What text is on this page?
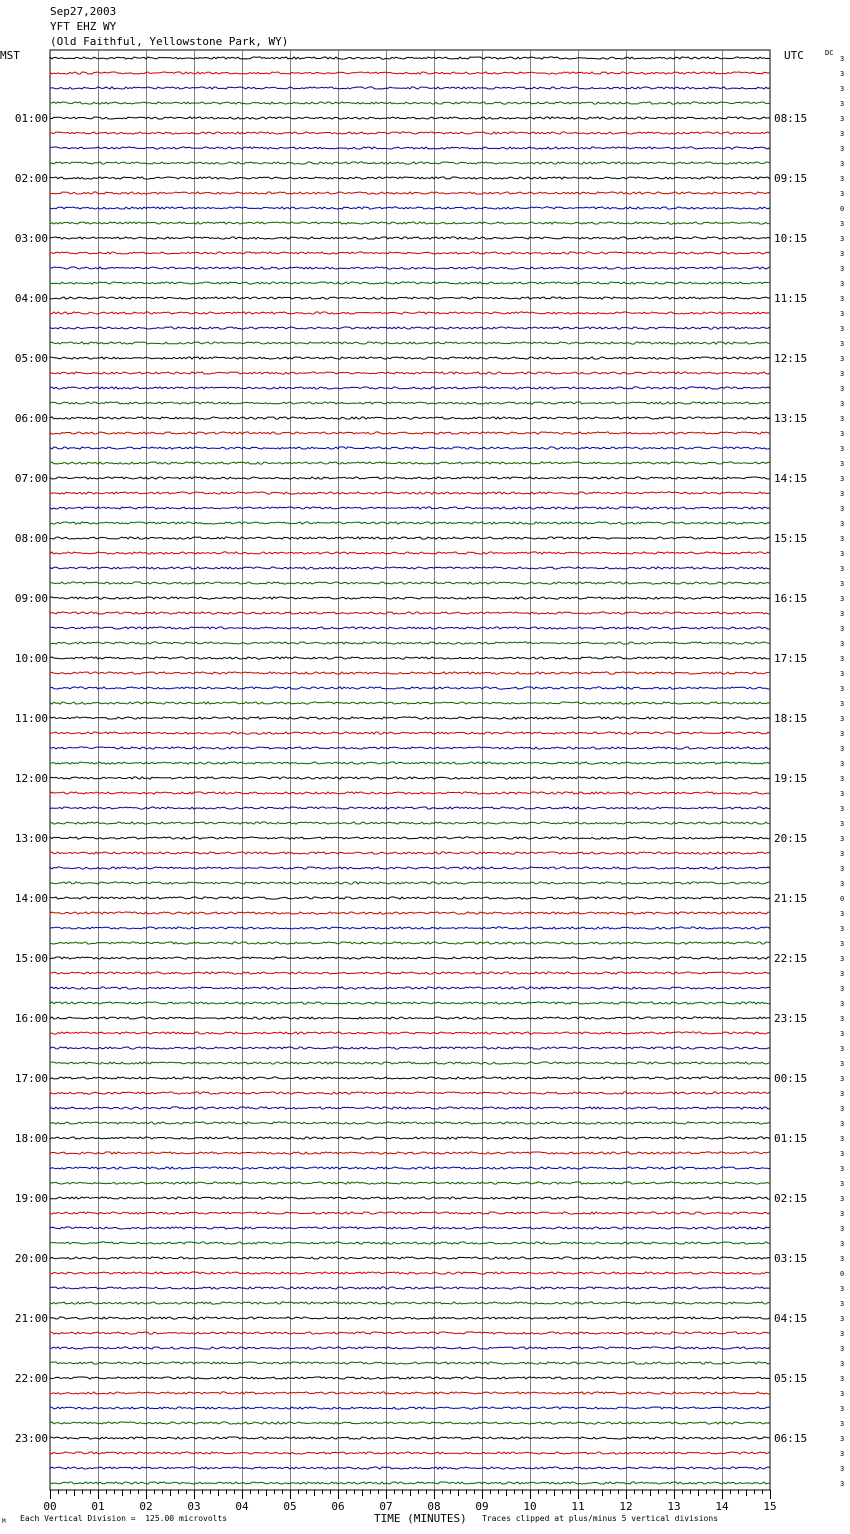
Sep27,2003
YFT EHZ WY
(Old Faithful, Yellowstone Park, WY)
MST	UTC	DC
00	01	02	03	04	05	06	07	08	09	10	11	12	13	14	15
01:00
02:00
03:00
04:00
05:00
06:00
07:00
08:00
09:00
10:00
11:00
12:00
13:00
14:00
15:00
16:00
17:00
18:00
19:00
20:00
21:00
22:00
23:00
08:15
09:15
10:15
11:15
12:15
13:15
14:15
15:15
16:15
17:15
18:15
19:15
20:15
21:15
22:15
23:15
00:15
01:15
02:15
03:15
04:15
05:15
06:15
3
3
3
3
3
3
3
3
3
3
0
3
3
3
3
3
3
3
3
3
3
3
3
3
3
3
3
3
3
3
3
3
3
3
3
3
3
3
3
3
3
3
3
3
3
3
3
3
3
3
3
3
3
3
3
3
0
3
3
3
3
3
3
3
3
3
3
3
3
3
3
3
3
3
3
3
3
3
3
3
3
0
3
3
3
3
3
3
3
3
3
3
3
3
3
3
M Each Vertical Division =  125.00 microvolts	TIME (MINUTES) Traces clipped at plus/minus 5 vertical divisions
